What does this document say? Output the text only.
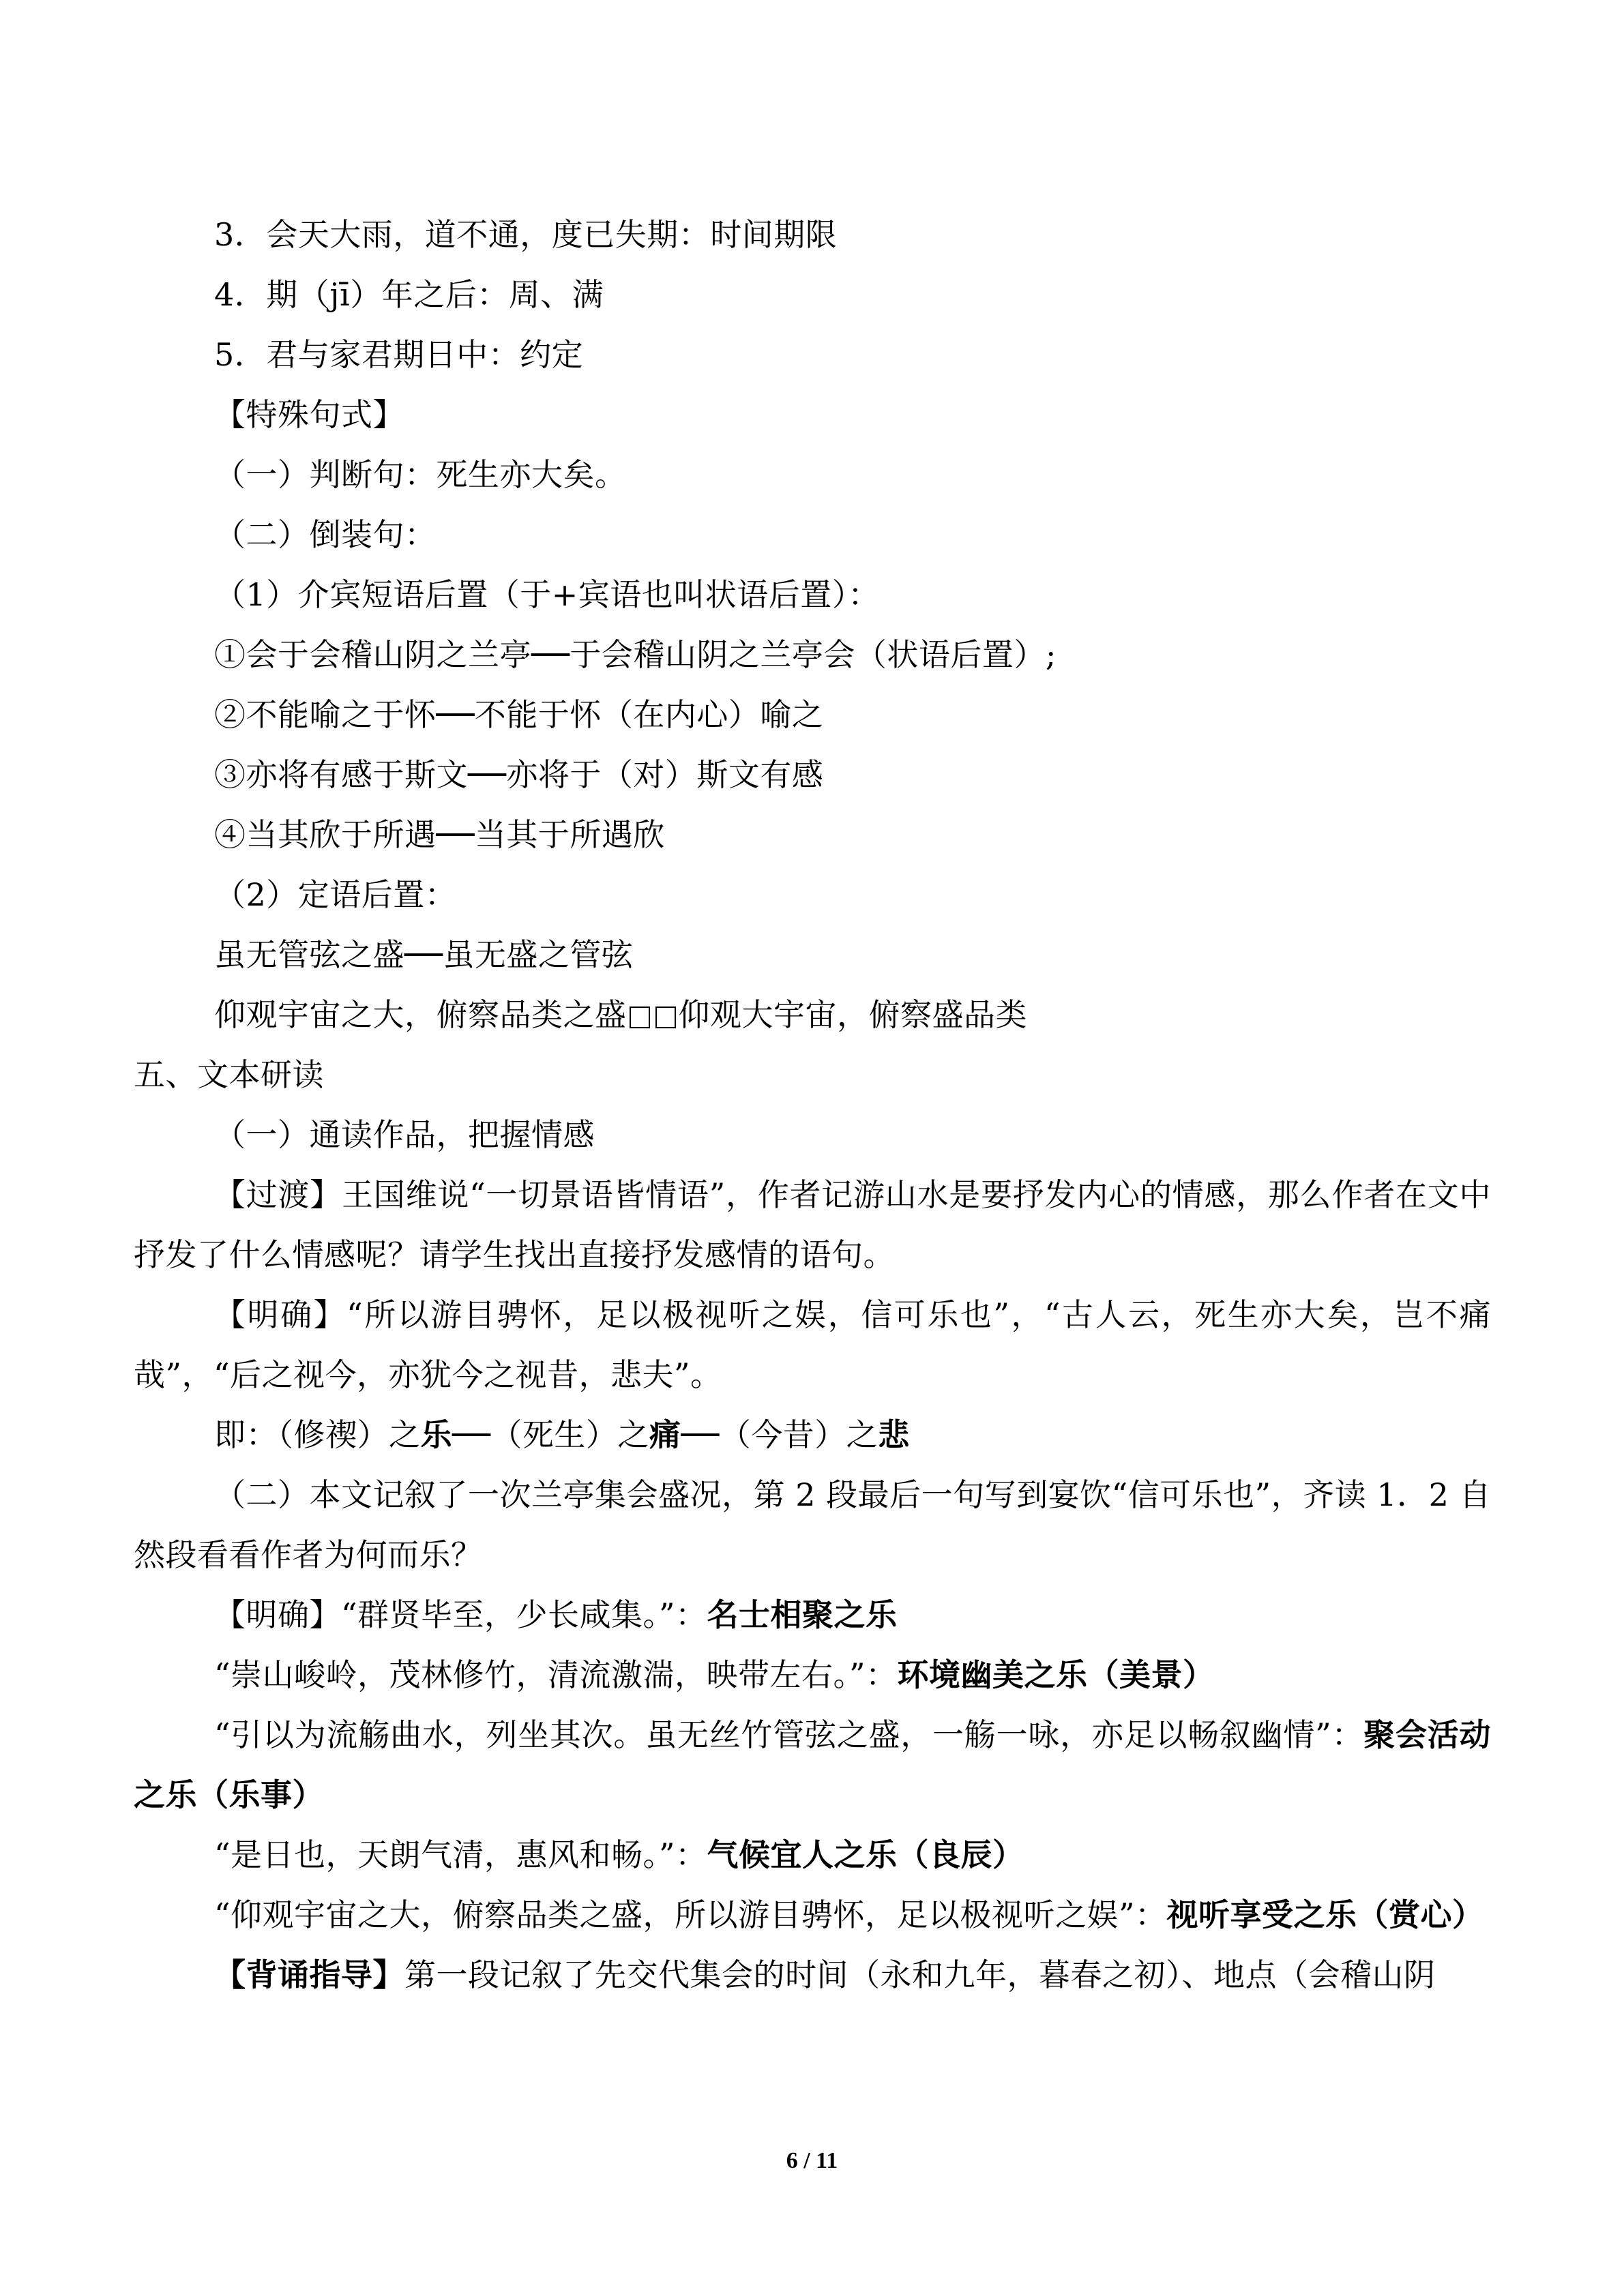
3．会天大雨，道不通，度已失期：时间期限
4．期（jī）年之后：周、满
5．君与家君期日中：约定
【特殊句式】
（一）判断句：死生亦大矣。
（二）倒装句：
（1）介宾短语后置（于+宾语也叫状语后置）：
①会于会稽山阴之兰亭──于会稽山阴之兰亭会（状语后置）;
②不能喻之于怀──不能于怀（在内心）喻之
③亦将有感于斯文──亦将于（对）斯文有感
④当其欣于所遇──当其于所遇欣
（2）定语后置：
虽无管弦之盛──虽无盛之管弦
仰观宇宙之大，俯察品类之盛 仰观大宇宙，俯察盛品类
五、文本研读
（一）通读作品，把握情感
【过渡】王国维说“一切景语皆情语”，作者记游山水是要抒发内心的情感，那么作者在文中抒发了什么情感呢？请学生找出直接抒发感情的语句。
【明确】“所以游目骋怀，足以极视听之娱，信可乐也”，“古人云，死生亦大矣，岂不痛哉”，“后之视今，亦犹今之视昔，悲夫”。
即：（修禊）之乐──（死生）之痛──（今昔）之悲
（二）本文记叙了一次兰亭集会盛况，第 2 段最后一句写到宴饮“信可乐也”，齐读 1．2 自然段看看作者为何而乐？
【明确】“群贤毕至，少长咸集。”：名士相聚之乐
“崇山峻岭，茂林修竹，清流激湍，映带左右。”：环境幽美之乐（美景）
“引以为流觞曲水，列坐其次。虽无丝竹管弦之盛，一觞一咏，亦足以畅叙幽情”：聚会活动之乐（乐事）
“是日也，天朗气清，惠风和畅。”：气候宜人之乐（良辰）
“仰观宇宙之大，俯察品类之盛，所以游目骋怀，足以极视听之娱”：视听享受之乐（赏心）
【背诵指导】第一段记叙了先交代集会的时间（永和九年，暮春之初）、地点（会稽山阴
6 / 11
